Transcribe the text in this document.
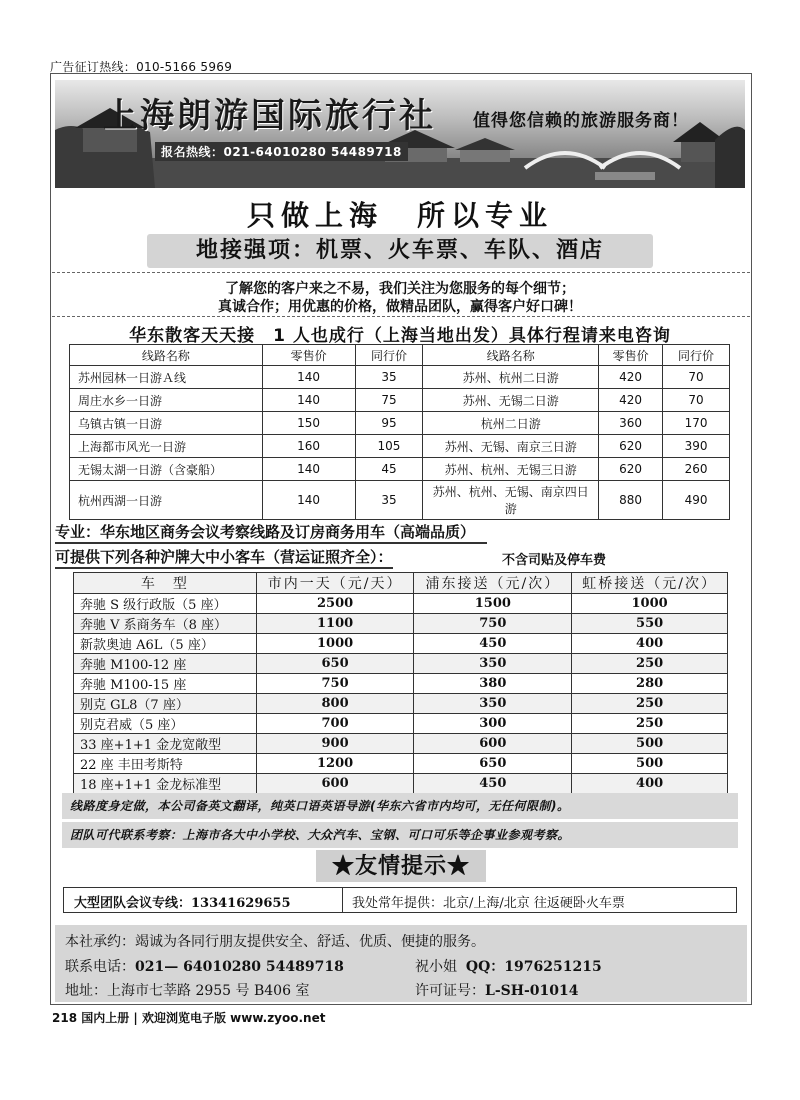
广告征订热线：010-5166 5969
上海朗游国际旅行社 值得您信赖的旅游服务商！
报名热线：021-64010280 54489718
只做上海　所以专业
地接强项：机票、火车票、车队、酒店
了解您的客户来之不易，我们关注为您服务的每个细节；
真诚合作；用优惠的价格，做精品团队，赢得客户好口碑！
华东散客天天接　1 人也成行（上海当地出发）具体行程请来电咨询
线路名称	零售价	同行价	线路名称	零售价	同行价
苏州园林一日游Ａ线	140	35	苏州、杭州二日游	420	70
周庄水乡一日游	140	75	苏州、无锡二日游	420	70
乌镇古镇一日游	150	95	杭州二日游	360	170
上海都市风光一日游	160	105	苏州、无锡、南京三日游	620	390
无锡太湖一日游（含豪船）	140	45	苏州、杭州、无锡三日游	620	260
杭州西湖一日游	140	35	苏州、杭州、无锡、南京四日游	880	490
专业：华东地区商务会议考察线路及订房商务用车（高端品质）
可提供下列各种沪牌大中小客车（营运证照齐全）：	不含司贴及停车费
车　型	市内一天（元/天）	浦东接送（元/次）	虹桥接送（元/次）
奔驰 S 级行政版（5 座）	2500	1500	1000
奔驰 V 系商务车（8 座）	1100	750	550
新款奥迪 A6L（5 座）	1000	450	400
奔驰 M100-12 座	650	350	250
奔驰 M100-15 座	750	380	280
别克 GL8（7 座）	800	350	250
别克君威（5 座）	700	300	250
33 座+1+1 金龙宽敞型	900	600	500
22 座 丰田考斯特	1200	650	500
18 座+1+1 金龙标准型	600	450	400
线路度身定做，本公司备英文翻译，纯英口语英语导游(华东六省市内均可，无任何限制)。
团队可代联系考察：上海市各大中小学校、大众汽车、宝钢、可口可乐等企事业参观考察。
★友情提示★
大型团队会议专线：13341629655	我处常年提供：北京/上海/北京 往返硬卧火车票
本社承约：竭诚为各同行朋友提供安全、舒适、优质、便捷的服务。
联系电话：021— 64010280 54489718	祝小姐 QQ：1976251215
地址：上海市七莘路 2955 号 B406 室	许可证号：L-SH-01014
218 国内上册 | 欢迎浏览电子版 www.zyoo.net
